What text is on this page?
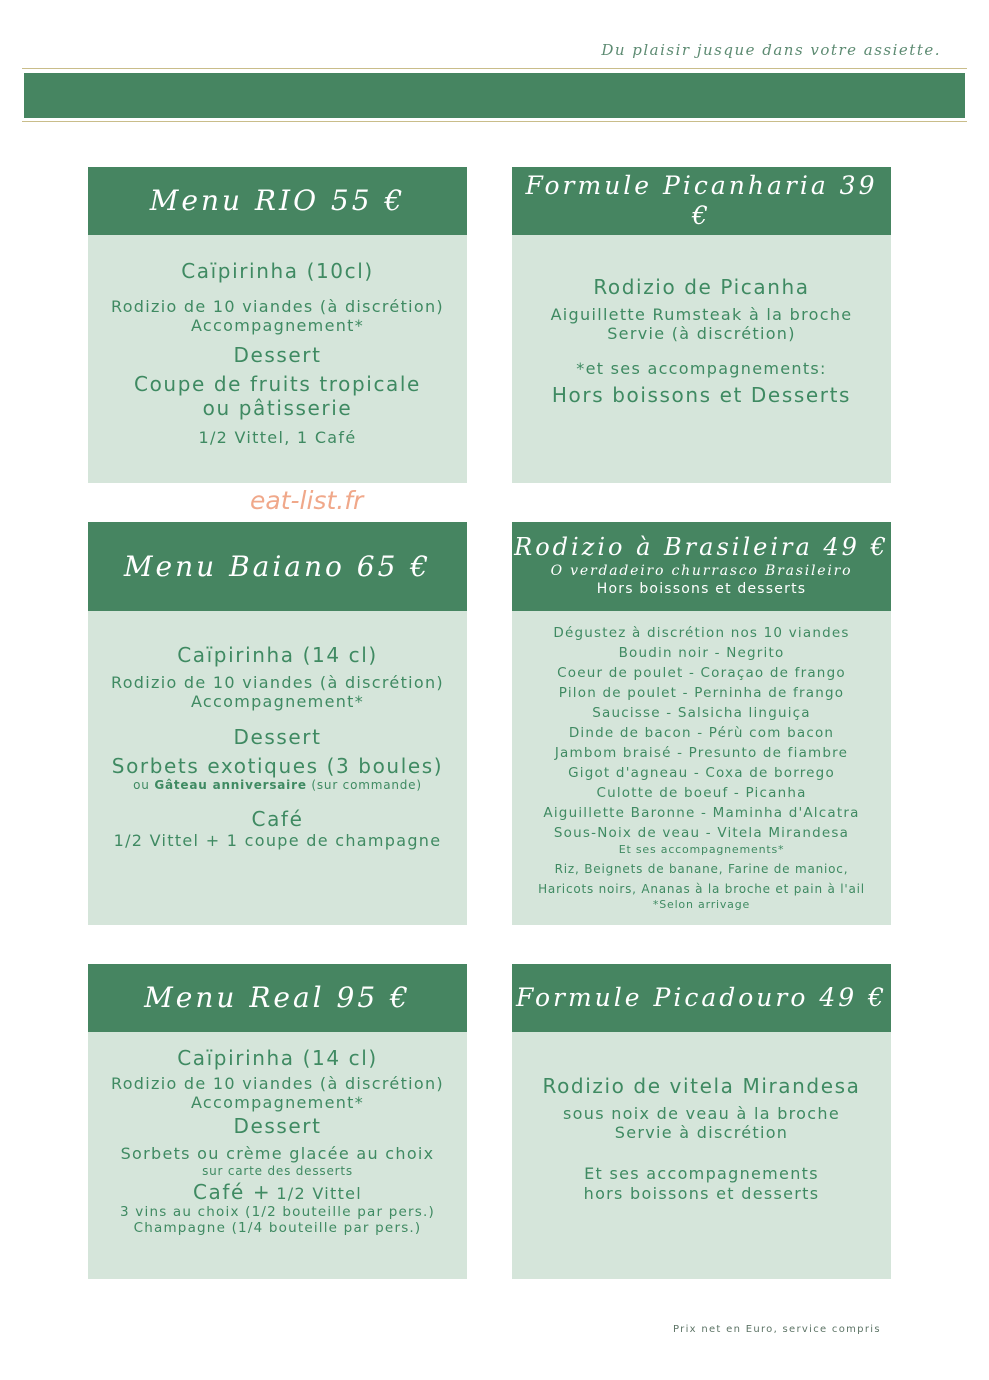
Du plaisir jusque dans votre assiette.
Menu RIO 55 €
Caïpirinha (10cl)
Rodizio de 10 viandes (à discrétion)
Accompagnement*
Dessert
Coupe de fruits tropicale
ou pâtisserie
1/2 Vittel, 1 Café
Formule Picanharia 39 €
Rodizio de Picanha
Aiguillette Rumsteak à la broche
Servie (à discrétion)
*et ses accompagnements:
Hors boissons et Desserts
eat-list.fr
Menu Baiano 65 €
Caïpirinha (14 cl)
Rodizio de 10 viandes (à discrétion)
Accompagnement*
Dessert
Sorbets exotiques (3 boules)
ou Gâteau anniversaire (sur commande)
Café
1/2 Vittel + 1 coupe de champagne
Rodizio à Brasileira 49 €
O verdadeiro churrasco Brasileiro
Hors boissons et desserts
Dégustez à discrétion nos 10 viandes
Boudin noir - Negrito
Coeur de poulet - Coraçao de frango
Pilon de poulet - Perninha de frango
Saucisse - Salsicha linguiça
Dinde de bacon - Pérù com bacon
Jambom braisé - Presunto de fiambre
Gigot d'agneau - Coxa de borrego
Culotte de boeuf - Picanha
Aiguillette Baronne - Maminha d'Alcatra
Sous-Noix de veau - Vitela Mirandesa
Et ses accompagnements*
Riz, Beignets de banane, Farine de manioc,
Haricots noirs, Ananas à la broche et pain à l'ail
*Selon arrivage
Menu Real 95 €
Caïpirinha (14 cl)
Rodizio de 10 viandes (à discrétion)
Accompagnement*
Dessert
Sorbets ou crème glacée au choix
sur carte des desserts
Café + 1/2 Vittel
3 vins au choix (1/2 bouteille par pers.)
Champagne (1/4 bouteille par pers.)
Formule Picadouro 49 €
Rodizio de vitela Mirandesa
sous noix de veau à la broche
Servie à discrétion
Et ses accompagnements
hors boissons et desserts
Prix net en Euro, service compris
